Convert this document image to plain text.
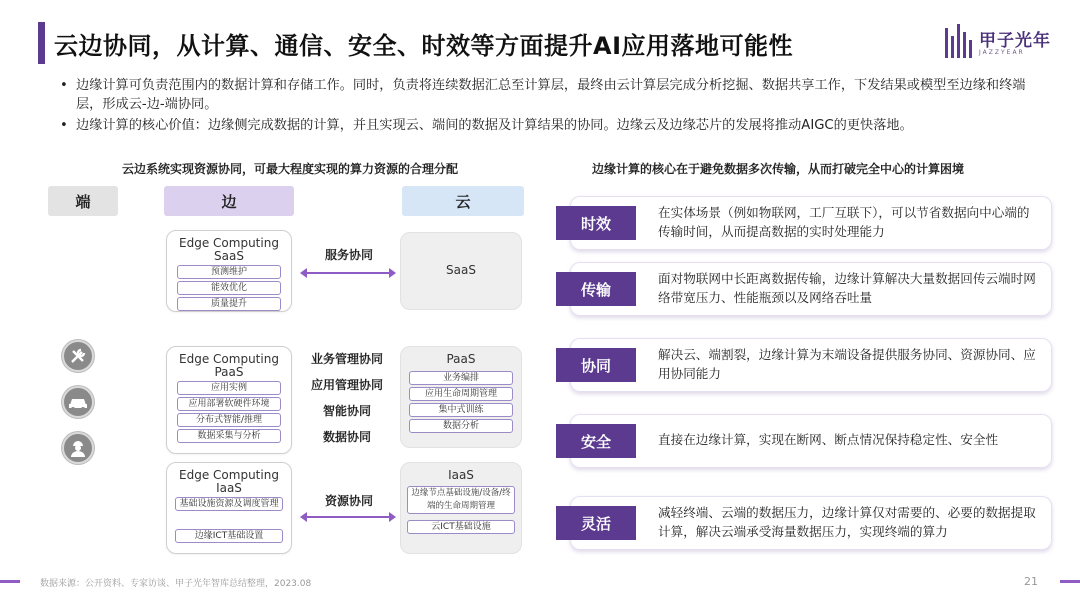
云边协同，从计算、通信、安全、时效等方面提升AI应用落地可能性	甲子光年
JAZZYEAR
• 边缘计算可负责范围内的数据计算和存储工作。同时，负责将连续数据汇总至计算层，最终由云计算层完成分析挖掘、数据共享工作，下发结果或模型至边缘和终端层，形成云-边-端协同。
• 边缘计算的核心价值：边缘侧完成数据的计算，并且实现云、端间的数据及计算结果的协同。边缘云及边缘芯片的发展将推动AIGC的更快落地。
云边系统实现资源协同，可最大程度实现的算力资源的合理分配
端	边	云
Edge Computing
SaaS
预测维护
能效优化
质量提升
Edge Computing
PaaS
应用实例
应用部署软硬件环境
分布式智能/推理
数据采集与分析
Edge Computing
IaaS
基础设施资源及调度管理
边缘ICT基础设置
SaaS
PaaS
业务编排
应用生命周期管理
集中式训练
数据分析
IaaS
边缘节点基础设施/设备/终端的生命周期管理
云ICT基础设施
服务协同
业务管理协同
应用管理协同
智能协同
数据协同
资源协同
边缘计算的核心在于避免数据多次传输，从而打破完全中心的计算困境
时效
在实体场景（例如物联网，工厂互联下），可以节省数据向中心端的传输时间，从而提高数据的实时处理能力
传输
面对物联网中长距离数据传输，边缘计算解决大量数据回传云端时网络带宽压力、性能瓶颈以及网络吞吐量
协同
解决云、端割裂，边缘计算为末端设备提供服务协同、资源协同、应用协同能力
安全	直接在边缘计算，实现在断网、断点情况保持稳定性、安全性
灵活
减轻终端、云端的数据压力，边缘计算仅对需要的、必要的数据提取计算，解决云端承受海量数据压力，实现终端的算力
数据来源：公开资料、专家访谈、甲子光年智库总结整理，2023.08	21
